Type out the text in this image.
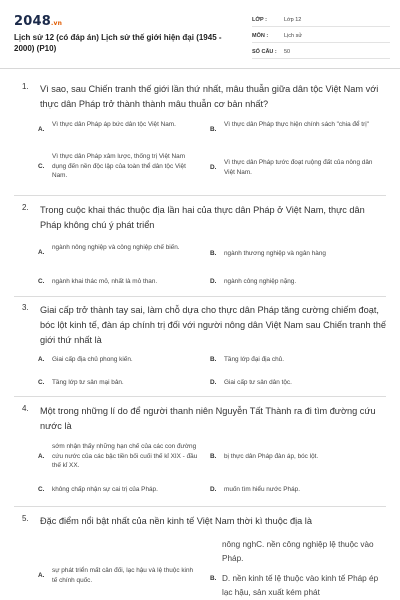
2048.vn
Lịch sử 12 (có đáp án) Lịch sử thế giới hiện đại (1945 - 2000) (P10)
LỚP :	Lớp 12
MÔN :	Lịch sử
SỐ CÂU :	50
1. Vì sao, sau Chiến tranh thế giới lần thứ nhất, mâu thuẫn giữa dân tộc Việt Nam với thực dân Pháp trở thành thành mâu thuẫn cơ bản nhất?
A.
Vì thực dân Pháp áp bức dân tộc Việt Nam.
B.
Vì thực dân Pháp thực hiện chính sách "chia để trị"
C.
Vì thực dân Pháp xâm lược, thống trị Việt Nam dụng đến nền độc lập của toàn thể dân tộc Việt Nam.
D.
Vì thực dân Pháp tước đoạt ruộng đất của nông dân Việt Nam.
2. Trong cuộc khai thác thuộc địa lần hai của thực dân Pháp ở Việt Nam, thực dân Pháp không chú ý phát triển
A.
ngành nông nghiệp và công nghiệp chế biến.
B. ngành thương nghiệp và ngân hàng
C. ngành khai thác mỏ, nhất là mỏ than.	D. ngành công nghiệp nặng.
3. Giai cấp trở thành tay sai, làm chỗ dựa cho thực dân Pháp tăng cường chiếm đoạt, bóc lột kinh tế, đàn áp chính trị đối với người nông dân Việt Nam sau Chiến tranh thế giới thứ nhất là
A. Giai cấp địa chủ phong kiến.	B. Tầng lớp đại địa chủ.
C. Tầng lớp tư sản mại bản.	D. Giai cấp tư sản dân tộc.
4. Một trong những lí do để người thanh niên Nguyễn Tất Thành ra đi tìm đường cứu nước là
A.
sớm nhận thấy những hạn chế của các con đường cứu nước của các bậc tiền bối cuối thế kỉ XIX - đầu thế kỉ XX.
B. bị thực dân Pháp đàn áp, bóc lột.
C. không chấp nhận sự cai trị của Pháp.	D. muốn tìm hiểu nước Pháp.
5. Đặc điểm nổi bật nhất của nền kinh tế Việt Nam thời kì thuộc địa là
nông nghC. nền công nghiệp lệ thuộc vào Pháp.
A.
sự phát triển mất cân đối, lạc hậu và lệ thuộc kinh tế chính quốc.	B. D. nền kinh tế lệ thuộc vào kinh tế Pháp ép lạc hậu, sản xuất kém phát
